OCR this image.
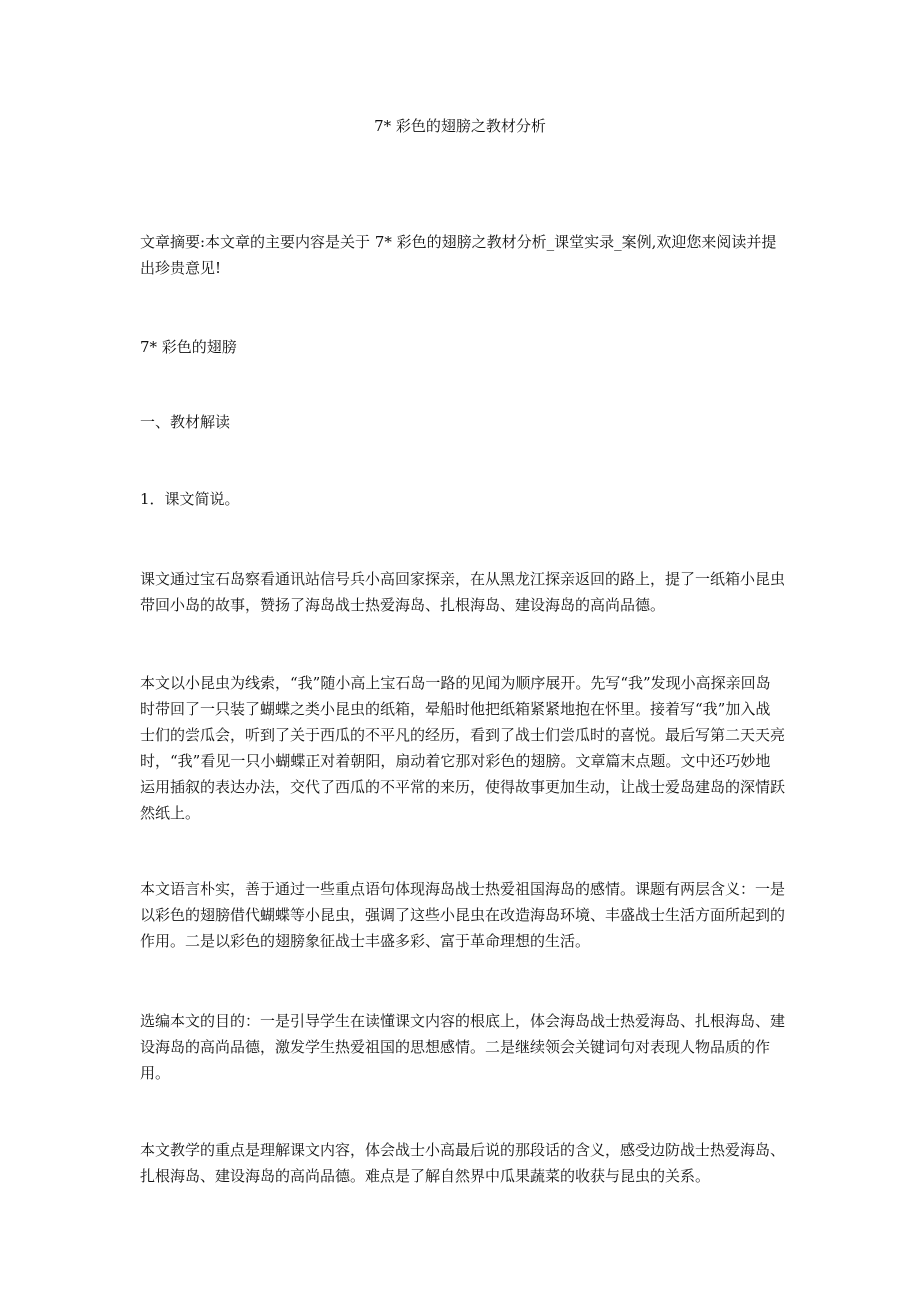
7* 彩色的翅膀之教材分析

文章摘要:本文章的主要内容是关于 7* 彩色的翅膀之教材分析_课堂实录_案例,欢迎您来阅读并提出珍贵意见!

7* 彩色的翅膀

一、教材解读

1．课文简说。

课文通过宝石岛察看通讯站信号兵小高回家探亲，在从黑龙江探亲返回的路上，提了一纸箱小昆虫带回小岛的故事，赞扬了海岛战士热爱海岛、扎根海岛、建设海岛的高尚品德。

本文以小昆虫为线索，“我”随小高上宝石岛一路的见闻为顺序展开。先写“我”发现小高探亲回岛时带回了一只装了蝴蝶之类小昆虫的纸箱，晕船时他把纸箱紧紧地抱在怀里。接着写“我”加入战士们的尝瓜会，听到了关于西瓜的不平凡的经历，看到了战士们尝瓜时的喜悦。最后写第二天天亮时，“我”看见一只小蝴蝶正对着朝阳，扇动着它那对彩色的翅膀。文章篇末点题。文中还巧妙地运用插叙的表达办法，交代了西瓜的不平常的来历，使得故事更加生动，让战士爱岛建岛的深情跃然纸上。

本文语言朴实，善于通过一些重点语句体现海岛战士热爱祖国海岛的感情。课题有两层含义：一是以彩色的翅膀借代蝴蝶等小昆虫，强调了这些小昆虫在改造海岛环境、丰盛战士生活方面所起到的作用。二是以彩色的翅膀象征战士丰盛多彩、富于革命理想的生活。

选编本文的目的：一是引导学生在读懂课文内容的根底上，体会海岛战士热爱海岛、扎根海岛、建设海岛的高尚品德，激发学生热爱祖国的思想感情。二是继续领会关键词句对表现人物品质的作用。

本文教学的重点是理解课文内容，体会战士小高最后说的那段话的含义，感受边防战士热爱海岛、扎根海岛、建设海岛的高尚品德。难点是了解自然界中瓜果蔬菜的收获与昆虫的关系。
